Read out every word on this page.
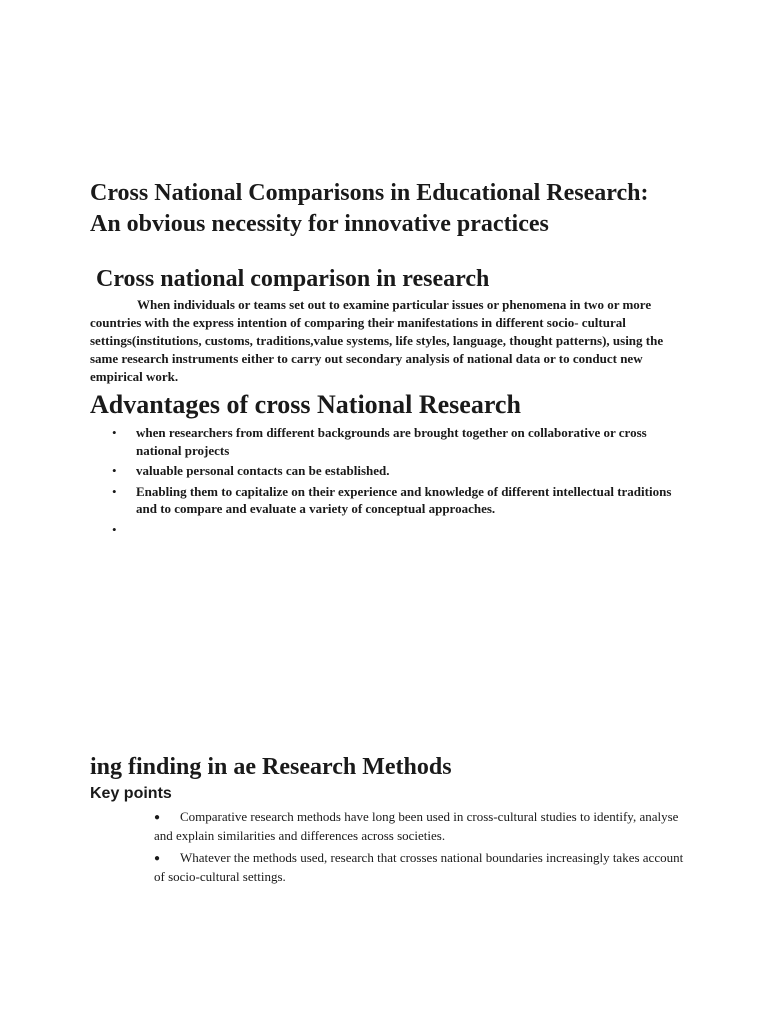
Cross National Comparisons in Educational Research:
An obvious necessity for innovative practices
Cross national comparison in research

When individuals or teams set out to examine particular issues or phenomena in two or more countries with the express intention of comparing their manifestations in different socio- cultural settings(institutions, customs, traditions,value systems, life styles, language, thought patterns), using the same research instruments either to carry out secondary analysis of national data or to conduct new empirical work.

Advantages of cross National Research
• when researchers from different backgrounds are brought together on collaborative or cross national projects
• valuable personal contacts can be established.
• Enabling them to capitalize on their experience and knowledge of different intellectual traditions and to compare and evaluate a variety of conceptual approaches.
•

ing finding in ae Research Methods
Key points
● Comparative research methods have long been used in cross-cultural studies to identify, analyse and explain similarities and differences across societies.
● Whatever the methods used, research that crosses national boundaries increasingly takes account of socio-cultural settings.
